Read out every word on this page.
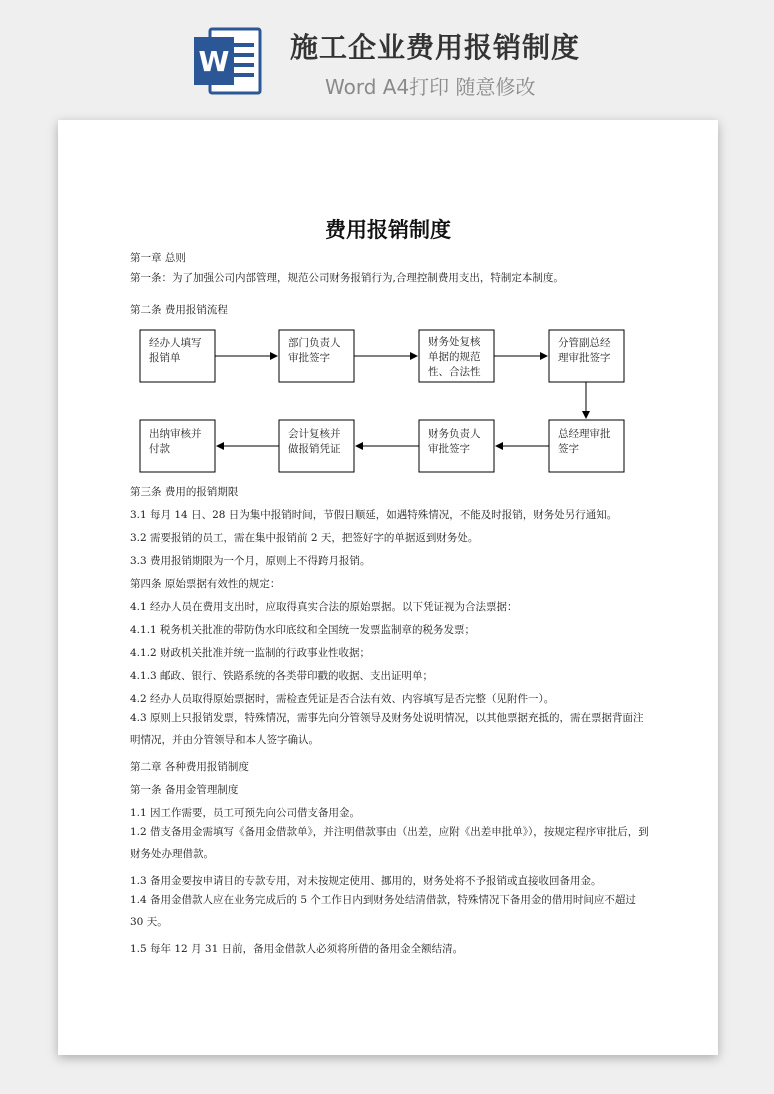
W 施工企业费用报销制度
Word A4打印 随意修改
费用报销制度
第一章 总则
第一条：为了加强公司内部管理，规范公司财务报销行为,合理控制费用支出，特制定本制度。
第二条 费用报销流程
经办人填写
报销单
部门负责人
审批签字
财务处复核
单据的规范
性、合法性
分管副总经
理审批签字
出纳审核并
付款
会计复核并
做报销凭证
财务负责人
审批签字
总经理审批
签字
第三条 费用的报销期限
3.1 每月 14 日、28 日为集中报销时间，节假日顺延，如遇特殊情况，不能及时报销，财务处另行通知。
3.2 需要报销的员工，需在集中报销前 2 天，把签好字的单据返到财务处。
3.3 费用报销期限为一个月，原则上不得跨月报销。
第四条 原始票据有效性的规定：
4.1 经办人员在费用支出时，应取得真实合法的原始票据。以下凭证视为合法票据：
4.1.1 税务机关批准的带防伪水印底纹和全国统一发票监制章的税务发票；
4.1.2 财政机关批准并统一监制的行政事业性收据；
4.1.3 邮政、银行、铁路系统的各类带印戳的收据、支出证明单；
4.2 经办人员取得原始票据时，需检查凭证是否合法有效、内容填写是否完整（见附件一）。
4.3 原则上只报销发票，特殊情况，需事先向分管领导及财务处说明情况，以其他票据充抵的，需在票据背面注明情况，并由分管领导和本人签字确认。
第二章 各种费用报销制度
第一条 备用金管理制度
1.1 因工作需要，员工可预先向公司借支备用金。
1.2 借支备用金需填写《备用金借款单》，并注明借款事由（出差，应附《出差申批单》），按规定程序审批后，到财务处办理借款。
1.3 备用金要按申请目的专款专用，对未按规定使用、挪用的，财务处将不予报销或直接收回备用金。
1.4 备用金借款人应在业务完成后的 5 个工作日内到财务处结清借款，特殊情况下备用金的借用时间应不超过 30 天。
1.5 每年 12 月 31 日前，备用金借款人必须将所借的备用金全额结清。
